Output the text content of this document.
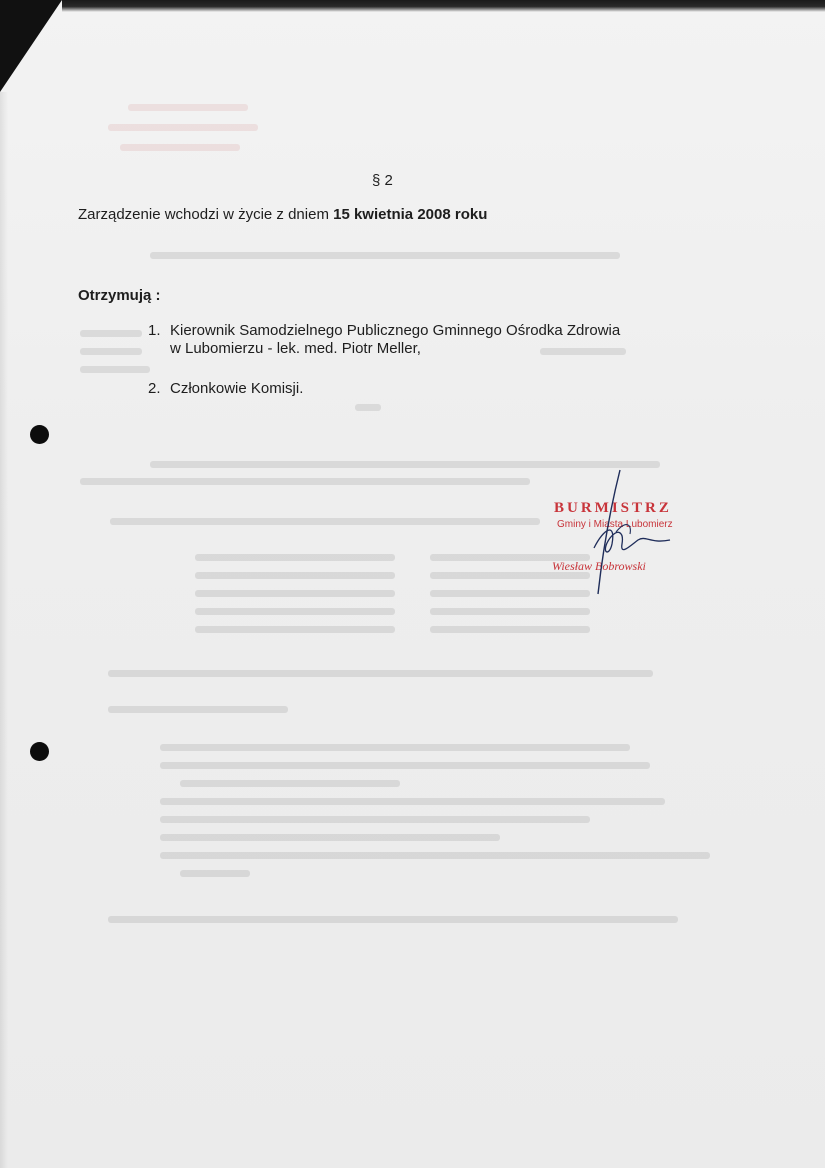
§ 2
Zarządzenie wchodzi w życie z dniem 15 kwietnia 2008 roku
Otrzymują :
1. Kierownik Samodzielnego Publicznego Gminnego Ośrodka Zdrowia
w Lubomierzu - lek. med. Piotr Meller,
2. Członkowie Komisji.
BURMISTRZ
Gminy i Miasta Lubomierz
Wiesław Bobrowski
